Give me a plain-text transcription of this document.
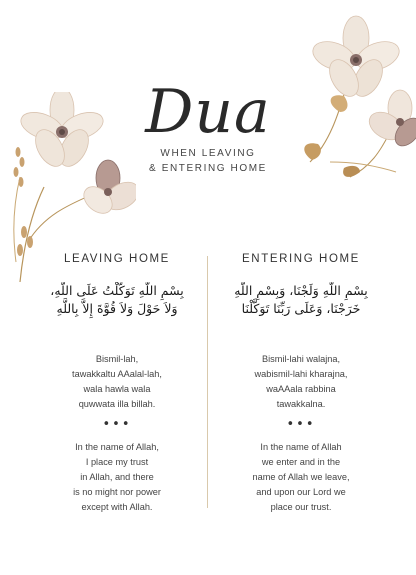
Dua
WHEN LEAVING
& ENTERING HOME
LEAVING HOME
بِسْمِ اللَّهِ تَوَكَّلْتُ عَلَى اللَّهِ،
وَلاَ حَوْلَ وَلاَ قُوَّةَ إِلاَّ بِاللَّهِ
Bismil-lah,
tawakkaltu AAalal-lah,
wala hawla wala
quwwata illa billah.
•••
In the name of Allah,
I place my trust
in Allah, and there
is no might nor power
except with Allah.
ENTERING HOME
بِسْمِ اللَّهِ وَلَجْنَا، وَبِسْمِ اللَّهِ
خَرَجْنَا، وَعَلَى رَبِّنَا تَوَكَّلْنَا
Bismil-lahi walajna,
wabismil-lahi kharajna,
waAAala rabbina
tawakkalna.
•••
In the name of Allah
we enter and in the
name of Allah we leave,
and upon our Lord we
place our trust.
